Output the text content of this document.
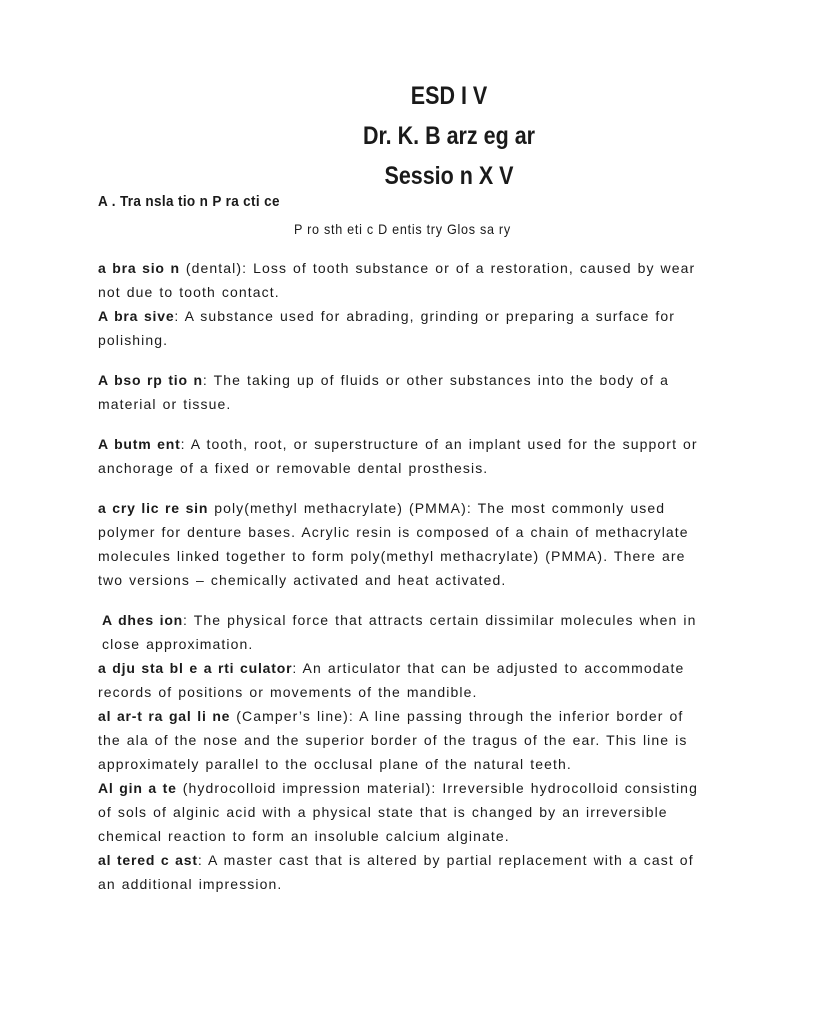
ESD I V
Dr. K. B arz eg ar
Sessio n X V
A . Tra nsla tio n P ra cti ce
P ro sth eti c D entis try Glos sa ry

a bra sio n (dental): Loss of tooth substance or of a restoration, caused by wear not due to tooth contact.

A bra sive: A substance used for abrading, grinding or preparing a surface for polishing.

A bso rp tio n: The taking up of fluids or other substances into the body of a material or tissue.

A butm ent: A tooth, root, or superstructure of an implant used for the support or anchorage of a fixed or removable dental prosthesis.

a cry lic re sin poly(methyl methacrylate) (PMMA): The most commonly used polymer for denture bases. Acrylic resin is composed of a chain of methacrylate molecules linked together to form poly(methyl methacrylate) (PMMA). There are two versions – chemically activated and heat activated.

A dhes ion: The physical force that attracts certain dissimilar molecules when in close approximation.

a dju sta bl e a rti culator: An articulator that can be adjusted to accommodate records of positions or movements of the mandible.

al ar-t ra gal li ne (Camper’s line): A line passing through the inferior border of the ala of the nose and the superior border of the tragus of the ear. This line is approximately parallel to the occlusal plane of the natural teeth.

Al gin a te (hydrocolloid impression material): Irreversible hydrocolloid consisting of sols of alginic acid with a physical state that is changed by an irreversible chemical reaction to form an insoluble calcium alginate.

al tered c ast: A master cast that is altered by partial replacement with a cast of an additional impression.
